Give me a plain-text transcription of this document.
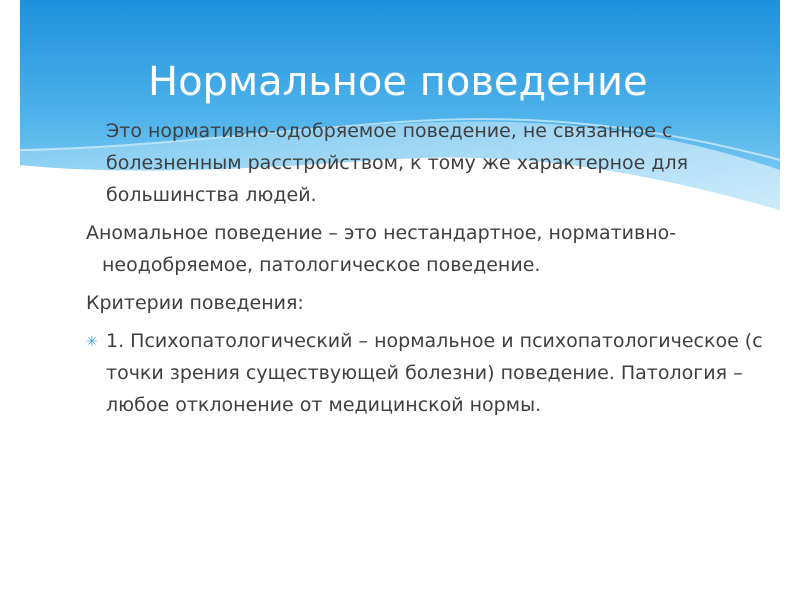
Нормальное поведение

Это нормативно-одобряемое поведение, не связанное с болезненным расстройством, к тому же характерное для большинства людей.

Аномальное поведение – это нестандартное, нормативно-неодобряемое, патологическое поведение.

Критерии поведения:

✳ 1. Психопатологический – нормальное и психопатологическое (с точки зрения существующей болезни) поведение. Патология – любое отклонение от медицинской нормы.
